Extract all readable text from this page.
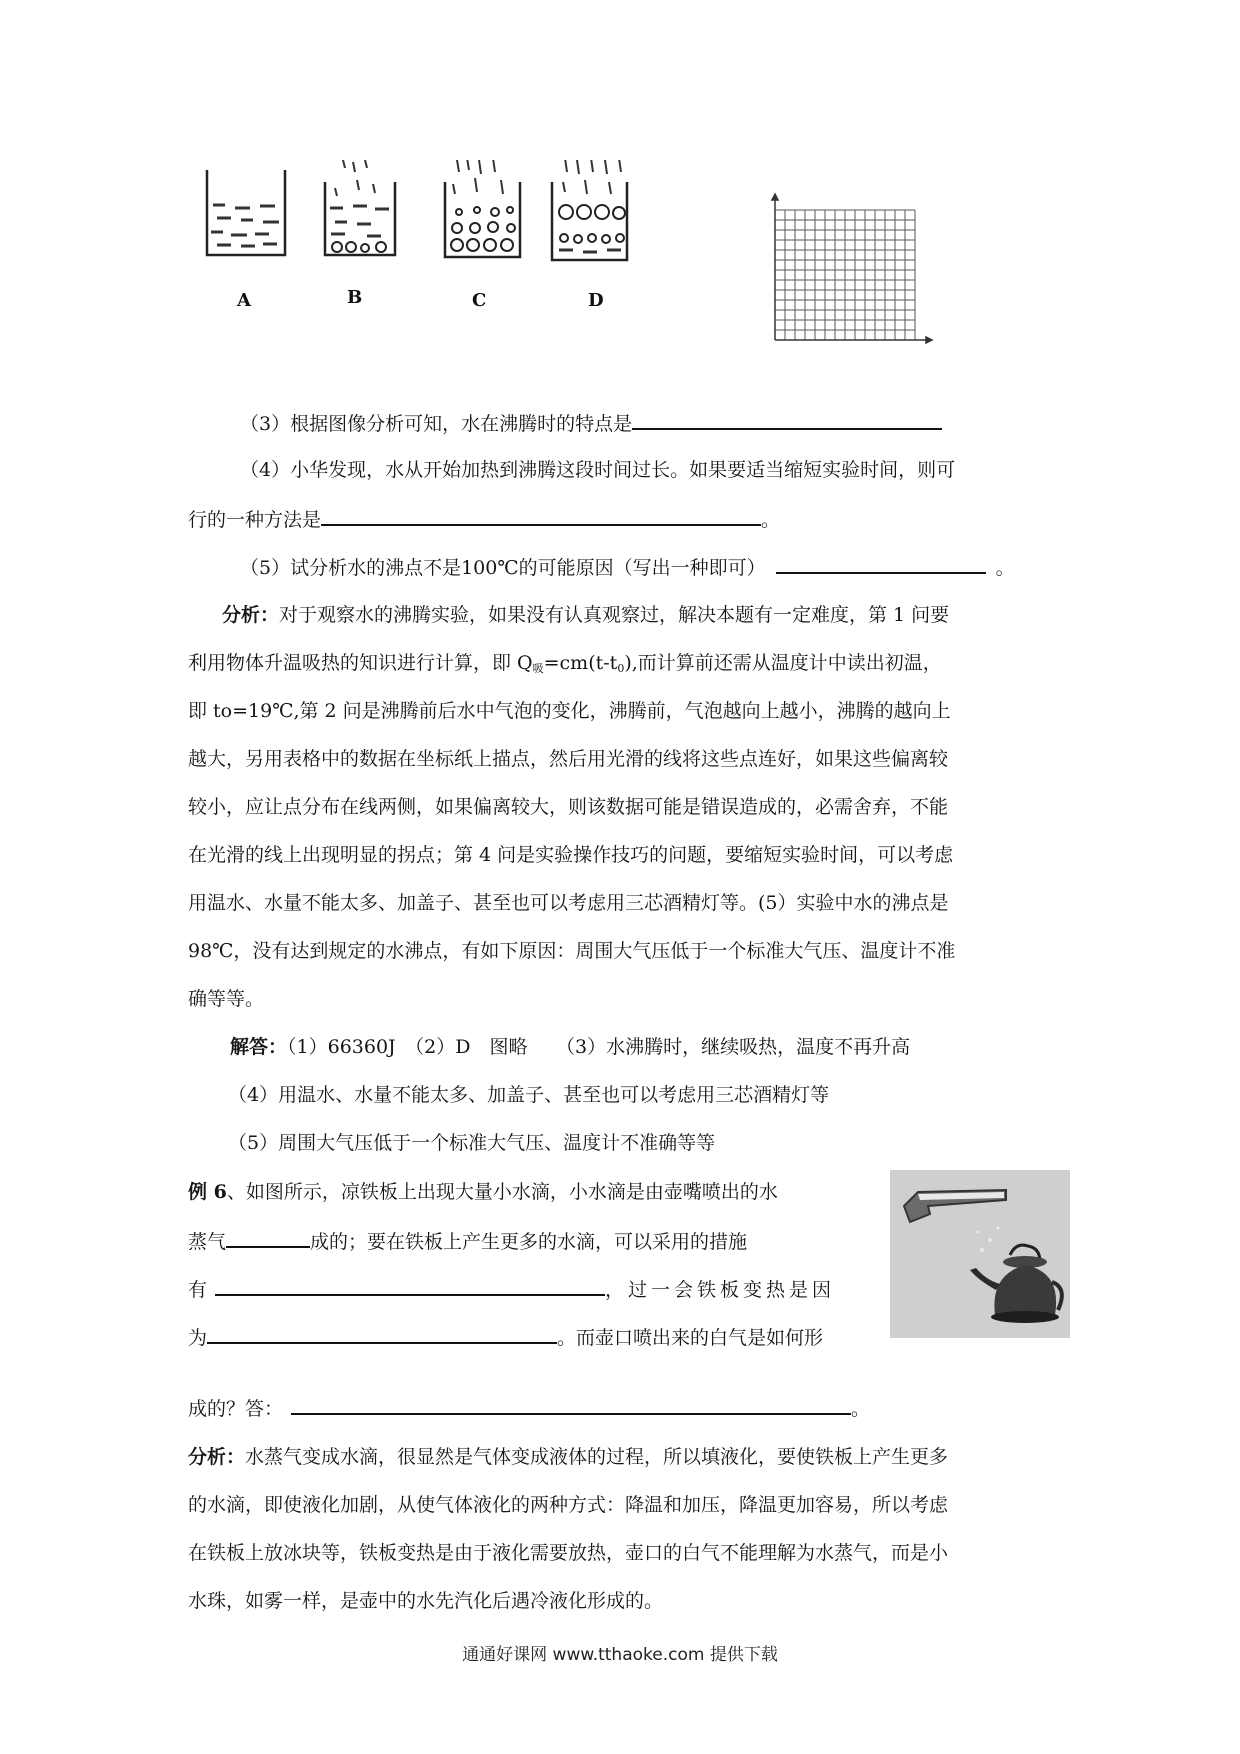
A	B	C	D
（3）根据图像分析可知，水在沸腾时的特点是
（4）小华发现，水从开始加热到沸腾这段时间过长。如果要适当缩短实验时间，则可
行的一种方法是	。
（5）试分析水的沸点不是100℃的可能原因（写出一种即可）	。
分析：对于观察水的沸腾实验，如果没有认真观察过，解决本题有一定难度，第 1 问要
利用物体升温吸热的知识进行计算，即 $Q_吸=cm(t-t_0)$,而计算前还需从温度计中读出初温，
即 to=19℃,第 2 问是沸腾前后水中气泡的变化，沸腾前，气泡越向上越小，沸腾的越向上
越大，另用表格中的数据在坐标纸上描点，然后用光滑的线将这些点连好，如果这些偏离较
较小，应让点分布在线两侧，如果偏离较大，则该数据可能是错误造成的，必需舍弃，不能
在光滑的线上出现明显的拐点；第 4 问是实验操作技巧的问题，要缩短实验时间，可以考虑
用温水、水量不能太多、加盖子、甚至也可以考虑用三芯酒精灯等。(5）实验中水的沸点是
98℃，没有达到规定的水沸点，有如下原因：周围大气压低于一个标准大气压、温度计不准
确等等。
解答：（1）66360J　（2）D　图略　　（3）水沸腾时，继续吸热，温度不再升高
（4）用温水、水量不能太多、加盖子、甚至也可以考虑用三芯酒精灯等
（5）周围大气压低于一个标准大气压、温度计不准确等等
例 6、如图所示，凉铁板上出现大量小水滴，小水滴是由壶嘴喷出的水
蒸气	成的；要在铁板上产生更多的水滴，可以采用的措施
有	，过一会铁板变热是因
为	。而壶口喷出来的白气是如何形
成的？答：	。
分析：水蒸气变成水滴，很显然是气体变成液体的过程，所以填液化，要使铁板上产生更多
的水滴，即使液化加剧，从使气体液化的两种方式：降温和加压，降温更加容易，所以考虑
在铁板上放冰块等，铁板变热是由于液化需要放热，壶口的白气不能理解为水蒸气，而是小
水珠，如雾一样，是壶中的水先汽化后遇冷液化形成的。
通通好课网 www.tthaoke.com 提供下载
